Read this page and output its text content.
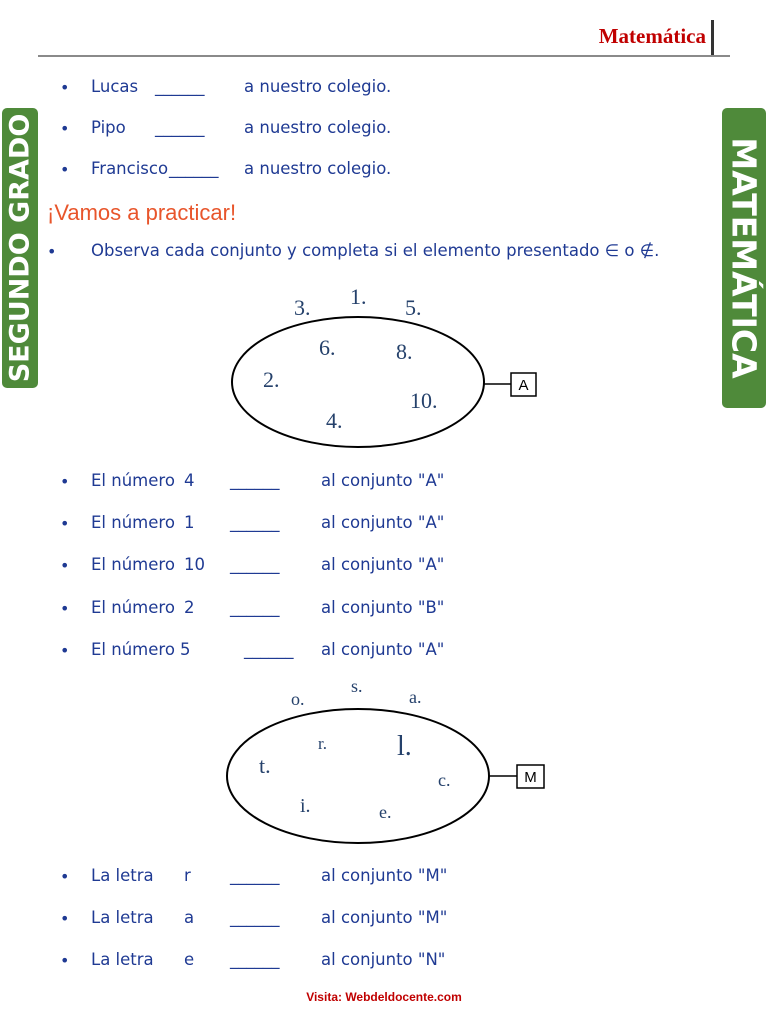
Matemática
SEGUNDO GRADO	MATEMÁTICA
• Lucas ______ a nuestro colegio.
• Pipo ______ a nuestro colegio.
• Francisco ______ a nuestro colegio.
¡Vamos a practicar!
• Observa cada conjunto y completa si el elemento presentado ∈ o ∉.
A
3. 1. 5.
6.	8.
2.
10.
4.
• El número 4 ______	al conjunto "A"
• El número 1 ______	al conjunto "A"
• El número 10 ______	al conjunto "A"
• El número 2 ______	al conjunto "B"
• El número 5	______ al conjunto "A"
M
o.
s.
a.
r.	l.
t.
c.
i.	e.
• La letra r ______	al conjunto "M"
• La letra a ______	al conjunto "M"
• La letra e ______	al conjunto "N"
Visita: Webdeldocente.com
